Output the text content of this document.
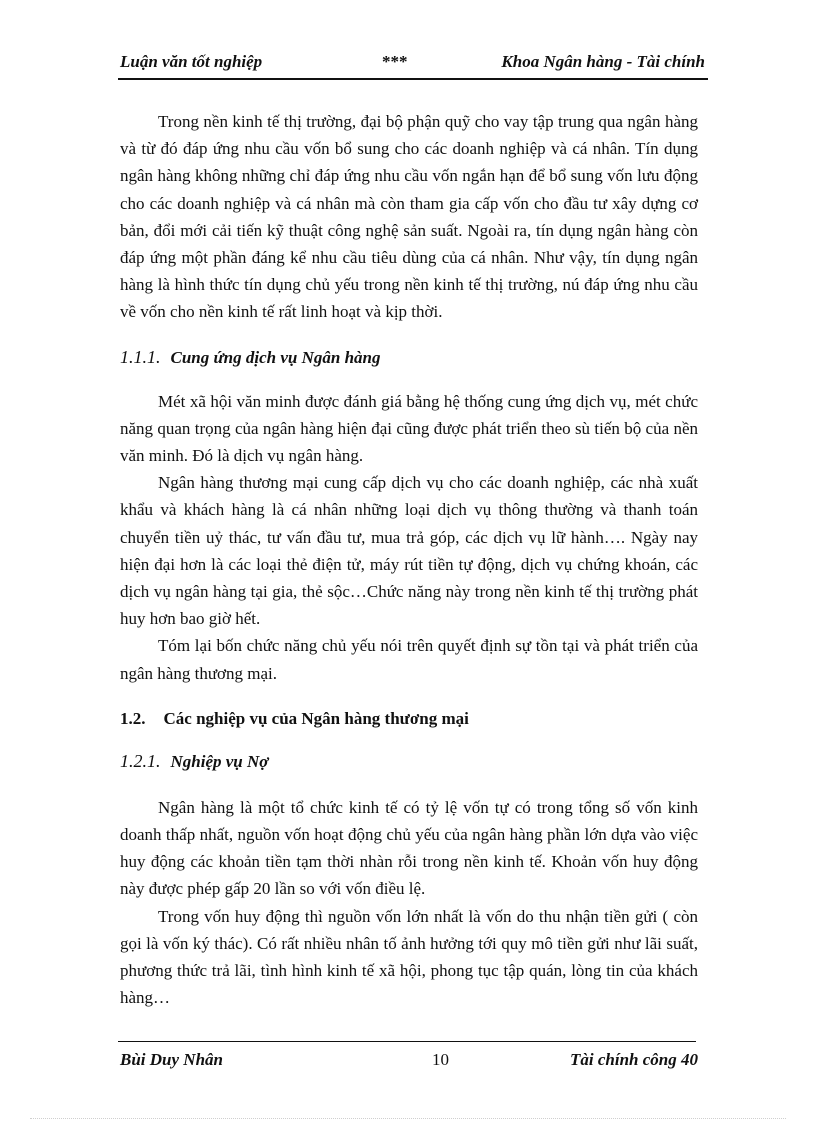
Luận văn tốt nghiệp	***	Khoa Ngân hàng - Tài chính

Trong nền kinh tế thị trường, đại bộ phận quỹ cho vay tập trung qua ngân hàng và từ đó đáp ứng nhu cầu vốn bổ sung cho các doanh nghiệp và cá nhân. Tín dụng ngân hàng không những chỉ đáp ứng nhu cầu vốn ngắn hạn để bổ sung vốn lưu động cho các doanh nghiệp và cá nhân mà còn tham gia cấp vốn cho đầu tư xây dựng cơ bản, đổi mới cải tiến kỹ thuật công nghệ sản suất. Ngoài ra, tín dụng ngân hàng còn đáp ứng một phần đáng kể nhu cầu tiêu dùng của cá nhân. Như vậy, tín dụng ngân hàng là hình thức tín dụng chủ yếu trong nền kinh tế thị trường, nú đáp ứng nhu cầu về vốn cho nền kinh tế rất linh hoạt và kịp thời.

1.1.1. Cung ứng dịch vụ Ngân hàng

Mét xã hội văn minh được đánh giá bằng hệ thống cung ứng dịch vụ, mét chức năng quan trọng của ngân hàng hiện đại cũng được phát triển theo sù tiến bộ của nền văn minh. Đó là dịch vụ ngân hàng.

Ngân hàng thương mại cung cấp dịch vụ cho các doanh nghiệp, các nhà xuất khẩu và khách hàng là cá nhân những loại dịch vụ thông thường và thanh toán chuyển tiền uỷ thác, tư vấn đầu tư, mua trả góp, các dịch vụ lữ hành…. Ngày nay hiện đại hơn là các loại thẻ điện tử, máy rút tiền tự động, dịch vụ chứng khoán, các dịch vụ ngân hàng tại gia, thẻ sộc…Chức năng này trong nền kinh tế thị trường phát huy hơn bao giờ hết.

Tóm lại bốn chức năng chủ yếu nói trên quyết định sự tồn tại và phát triển của ngân hàng thương mại.

1.2. Các nghiệp vụ của Ngân hàng thương mại
1.2.1. Nghiệp vụ Nợ

Ngân hàng là một tổ chức kinh tế có tỷ lệ vốn tự có trong tổng số vốn kinh doanh thấp nhất, nguồn vốn hoạt động chủ yếu của ngân hàng phần lớn dựa vào việc huy động các khoản tiền tạm thời nhàn rỗi trong nền kinh tế. Khoản vốn huy động này được phép gấp 20 lần so với vốn điều lệ.

Trong vốn huy động thì nguồn vốn lớn nhất là vốn do thu nhận tiền gửi ( còn gọi là vốn ký thác). Có rất nhiều nhân tố ảnh hưởng tới quy mô tiền gửi như lãi suất, phương thức trả lãi, tình hình kinh tế xã hội, phong tục tập quán, lòng tin của khách hàng…

Bùi Duy Nhân	10	Tài chính công 40
